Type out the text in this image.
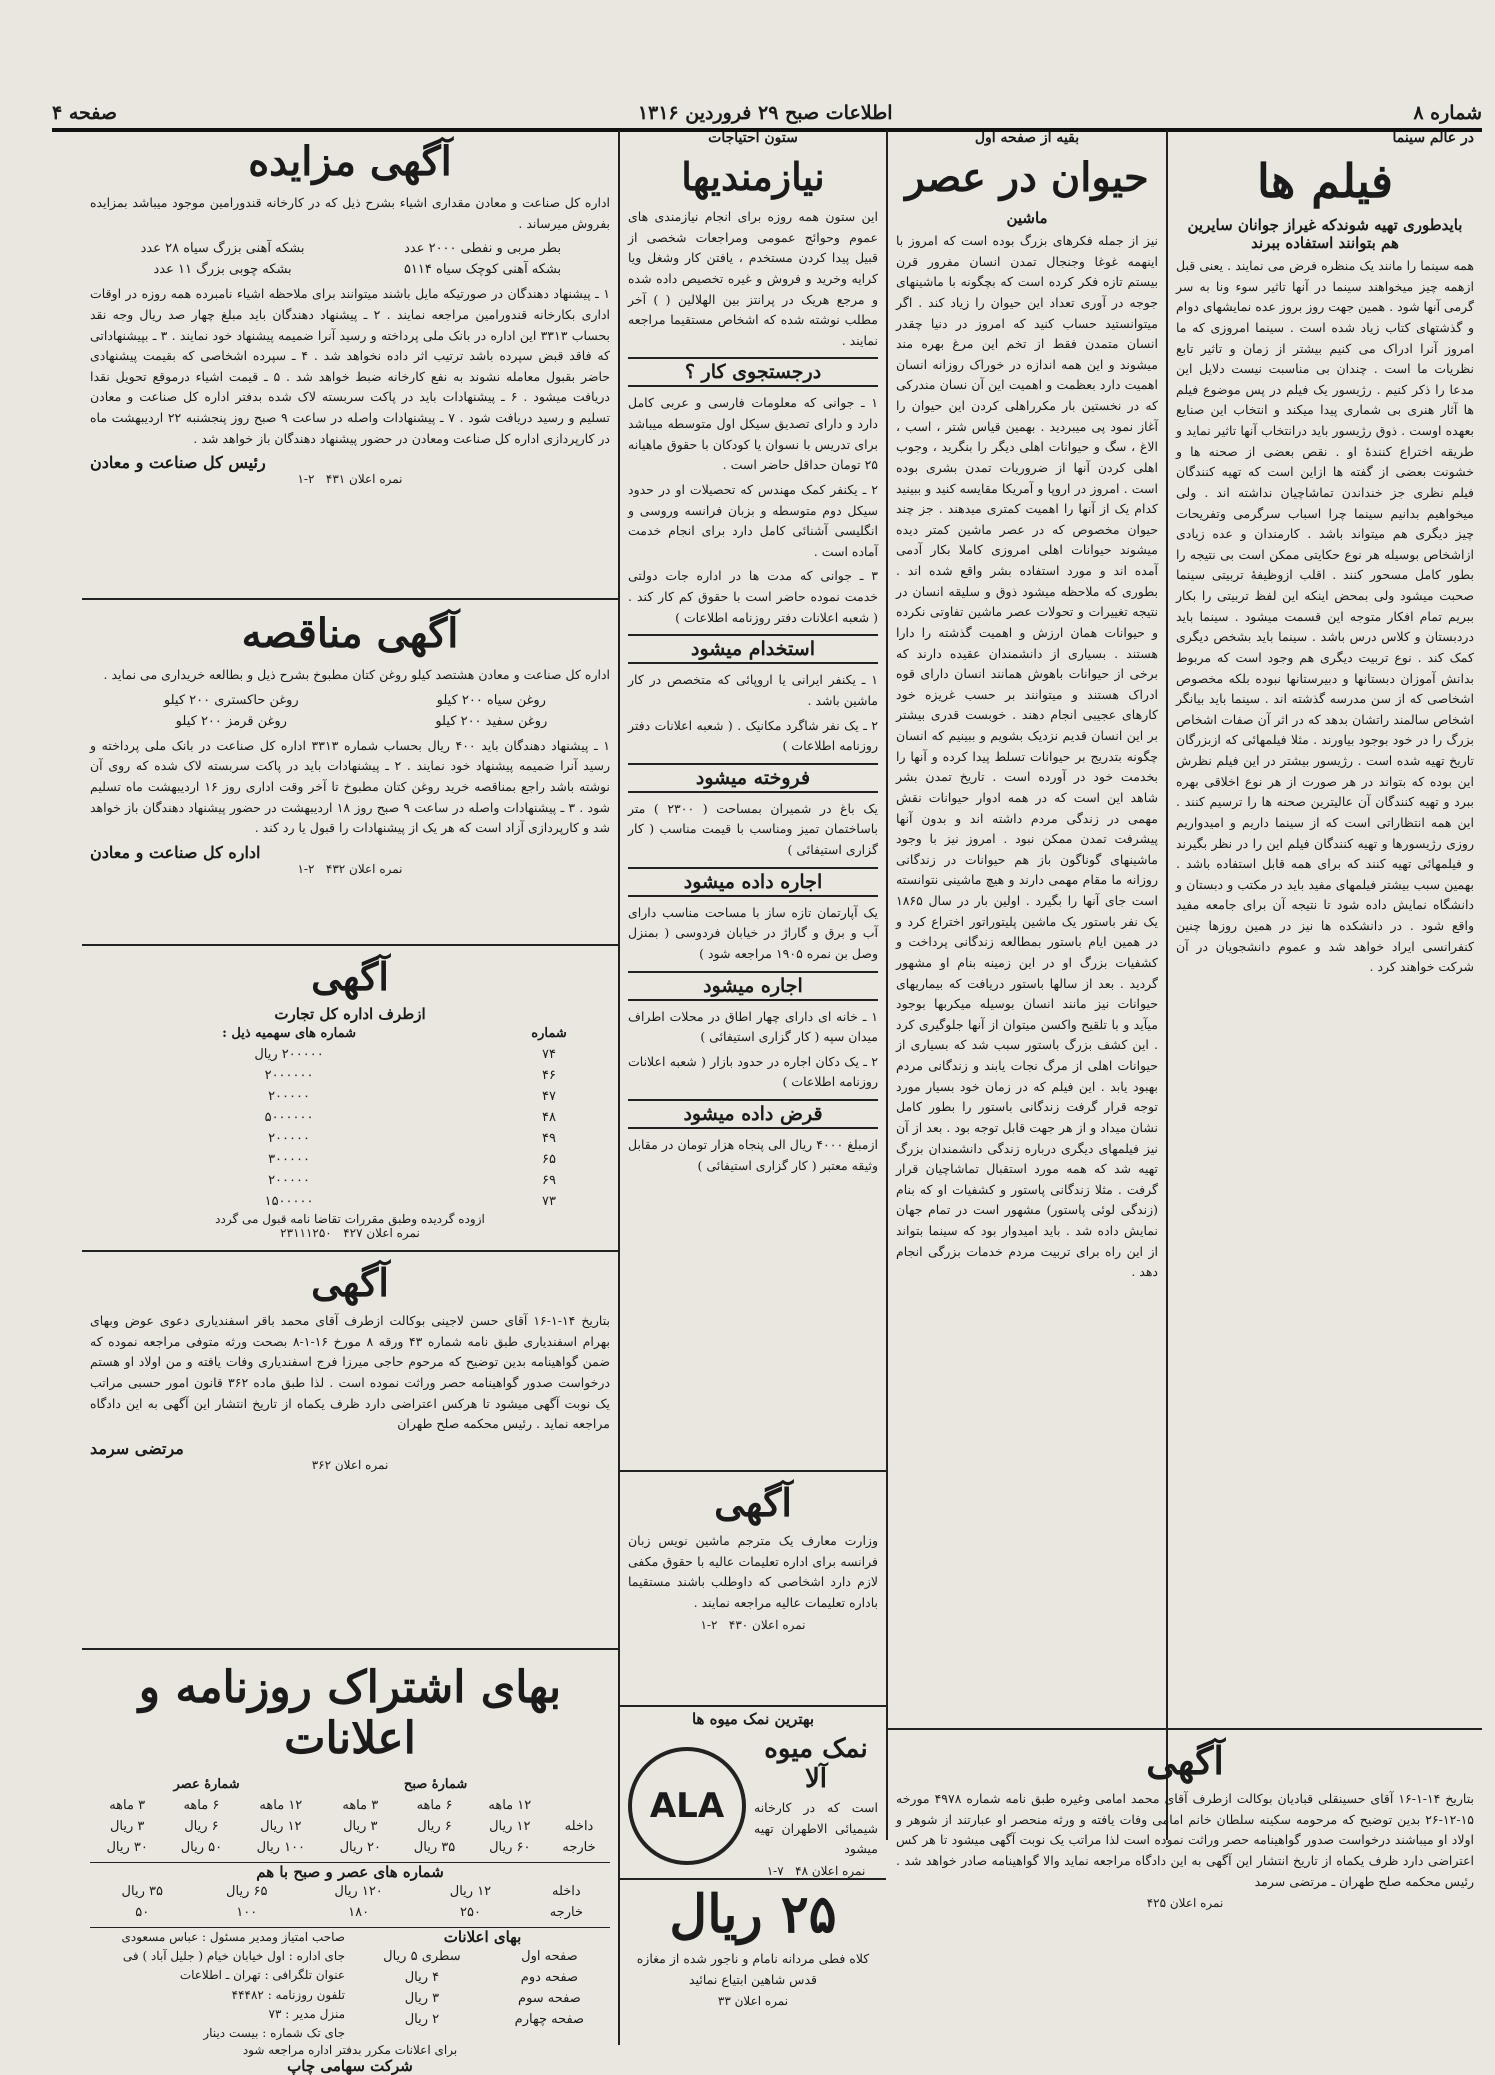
شماره ۸
اطلاعات صبح ۲۹ فروردین ۱۳۱۶
صفحه ۴
در عالم سینما
فیلم ها
بایدطوری تهیه شوندکه غیراز جوانان سایرین هم بتوانند استفاده ببرند

همه سینما را مانند یک منظره فرض می نمایند . یعنی قبل ازهمه چیز میخواهند سینما در آنها تاثیر سوء ونا به سر گرمی آنها شود . همین جهت روز بروز عده نمایشهای دوام و گذشتهای کتاب زیاد شده است . سینما امروزی که ما امروز آنرا ادراک می کنیم بیشتر از زمان و تاثیر تابع نظریات ما است . چندان بی مناسبت نیست دلایل این مدعا را ذکر کنیم . رژیسور یک فیلم در پس موضوع فیلم ها آثار هنری بی شماری پیدا میکند و انتخاب این صنایع بعهده اوست . ذوق رژیسور باید درانتخاب آنها تاثیر نماید و طریقه اختراع کنندهٔ او . نقص بعضی از صحنه ها و خشونت بعضی از گفته ها ازاین است که تهیه کنندگان فیلم نظری جز خنداندن تماشاچیان نداشته اند . ولی میخواهیم بدانیم سینما چرا اسباب سرگرمی وتفریحات چیز دیگری هم میتواند باشد . کارمندان و عده زیادی ازاشخاص بوسیله هر نوع حکایتی ممکن است بی نتیجه را بطور کامل مسحور کنند . اقلب ازوظیفهٔ تربیتی سینما صحبت میشود ولی بمحض اینکه این لفظ تربیتی را بکار ببریم تمام افکار متوجه این قسمت میشود . سینما باید دردبستان و کلاس درس باشد . سینما باید بشخص دیگری کمک کند . نوع تربیت دیگری هم وجود است که مربوط بدانش آموزان دبستانها و دبیرستانها نبوده بلکه مخصوص اشخاصی که از سن مدرسه گذشته اند . سینما باید بیانگر اشخاص سالمند راتشان بدهد که در اثر آن صفات اشخاص بزرگ را در خود بوجود بیاورند . مثلا فیلمهائی که ازبزرگان تاریخ تهیه شده است . رژیسور بیشتر در این فیلم نظرش این بوده که بتواند در هر صورت از هر نوع اخلاقی بهره ببرد و تهیه کنندگان آن عالیترین صحنه ها را ترسیم کنند . این همه انتظاراتی است که از سینما داریم و امیدواریم روزی رژیسورها و تهیه کنندگان فیلم این را در نظر بگیرند و فیلمهائی تهیه کنند که برای همه قابل استفاده باشد . بهمین سبب بیشتر فیلمهای مفید باید در مکتب و دبستان و دانشگاه نمایش داده شود تا نتیجه آن برای جامعه مفید واقع شود . در دانشکده ها نیز در همین روزها چنین کنفرانسی ایراد خواهد شد و عموم دانشجویان در آن شرکت خواهند کرد .

بقیه از صفحه اول
حیوان در عصر
ماشین

نیز از جمله فکرهای بزرگ بوده است که امروز با اینهمه غوغا وجنجال تمدن انسان مفرور قرن بیستم تازه فکر کرده است که بچگونه با ماشینهای جوجه در آوری تعداد این حیوان را زیاد کند . اگر میتوانستید حساب کنید که امروز در دنیا چقدر انسان متمدن فقط از تخم این مرغ بهره مند میشوند و این همه اندازه در خوراک روزانه انسان اهمیت دارد بعظمت و اهمیت این آن نسان مندرکی که در نخستین بار مکرراهلی کردن این حیوان را آغاز نمود پی میبردید . بهمین قیاس شتر ، اسب ، الاغ ، سگ و حیوانات اهلی دیگر را بنگرید ، وجوب اهلی کردن آنها از ضروریات تمدن بشری بوده است . امروز در اروپا و آمریکا مقایسه کنید و ببینید کدام یک از آنها را اهمیت کمتری میدهند . جز چند حیوان مخصوص که در عصر ماشین کمتر دیده میشوند حیوانات اهلی امروزی کاملا بکار آدمی آمده اند و مورد استفاده بشر واقع شده اند . بطوری که ملاحظه میشود ذوق و سلیقه انسان در نتیجه تغییرات و تحولات عصر ماشین تفاوتی نکرده و حیوانات همان ارزش و اهمیت گذشته را دارا هستند . بسیاری از دانشمندان عقیده دارند که برخی از حیوانات باهوش همانند انسان دارای قوه ادراک هستند و میتوانند بر حسب غریزه خود کارهای عجیبی انجام دهند . خوبست قدری بیشتر بر این انسان قدیم نزدیک بشویم و ببینیم که انسان چگونه بتدریج بر حیوانات تسلط پیدا کرده و آنها را بخدمت خود در آورده است . تاریخ تمدن بشر شاهد این است که در همه ادوار حیوانات نقش مهمی در زندگی مردم داشته اند و بدون آنها پیشرفت تمدن ممکن نبود . امروز نیز با وجود ماشینهای گوناگون باز هم حیوانات در زندگانی روزانه ما مقام مهمی دارند و هیچ ماشینی نتوانسته است جای آنها را بگیرد . اولین بار در سال ۱۸۶۵ یک نفر باستور یک ماشین پلیتوراتور اختراع کرد و در همین ایام باستور بمطالعه زندگانی پرداخت و کشفیات بزرگ او در این زمینه بنام او مشهور گردید . بعد از سالها باستور دریافت که بیماریهای حیوانات نیز مانند انسان بوسیله میکربها بوجود میآید و با تلقیح واکسن میتوان از آنها جلوگیری کرد . این کشف بزرگ باستور سبب شد که بسیاری از حیوانات اهلی از مرگ نجات یابند و زندگانی مردم بهبود یابد . این فیلم که در زمان خود بسیار مورد توجه قرار گرفت زندگانی باستور را بطور کامل نشان میداد و از هر جهت قابل توجه بود . بعد از آن نیز فیلمهای دیگری درباره زندگی دانشمندان بزرگ تهیه شد که همه مورد استقبال تماشاچیان قرار گرفت . مثلا زندگانی پاستور و کشفیات او که بنام (زندگی لوئی پاستور) مشهور است در تمام جهان نمایش داده شد . باید امیدوار بود که سینما بتواند از این راه برای تربیت مردم خدمات بزرگی انجام دهد .

آگهی

بتاریخ ۱۴-۱-۱۶ آقای حسینقلی قبادیان بوکالت ازطرف آقای محمد امامی وغیره طبق نامه شماره ۴۹۷۸ مورخه ۱۵-۱۲-۲۶ بدین توضیح که مرحومه سکینه سلطان خانم امامی وفات یافته و ورثه منحصر او عبارتند از شوهر و اولاد او میباشند درخواست صدور گواهینامه حصر وراثت نموده است لذا مراتب یک نوبت آگهی میشود تا هر کس اعتراضی دارد ظرف یکماه از تاریخ انتشار این آگهی به این دادگاه مراجعه نماید والا گواهینامه صادر خواهد شد . رئیس محکمه صلح طهران ـ مرتضی سرمد

نمره اعلان ۴۲۵
ستون احتیاجات
نیازمندیها

این ستون همه روزه برای انجام نیازمندی های عموم وحوائج عمومی ومراجعات شخصی از قبیل پیدا کردن مستخدم ، یافتن کار وشغل ویا کرایه وخرید و فروش و غیره تخصیص داده شده و مرجع هریک در پرانتز بین الهلالین ( ) آخر مطلب نوشته شده که اشخاص مستقیما مراجعه نمایند .

درجستجوی کار ؟

۱ ـ جوانی که معلومات فارسی و عربی کامل دارد و دارای تصدیق سیکل اول متوسطه میباشد برای تدریس با نسوان یا کودکان با حقوق ماهیانه ۲۵ تومان حداقل حاضر است .

۲ ـ یکنفر کمک مهندس که تحصیلات او در حدود سیکل دوم متوسطه و بزبان فرانسه وروسی و انگلیسی آشنائی کامل دارد برای انجام خدمت آماده است .

۳ ـ جوانی که مدت ها در اداره جات دولتی خدمت نموده حاضر است با حقوق کم کار کند . ( شعبه اعلانات دفتر روزنامه اطلاعات )

استخدام میشود

۱ ـ یکنفر ایرانی یا اروپائی که متخصص در کار ماشین باشد .

۲ ـ یک نفر شاگرد مکانیک . ( شعبه اعلانات دفتر روزنامه اطلاعات )

فروخته میشود

یک باغ در شمیران بمساحت ( ۲۳۰۰ ) متر باساختمان تمیز ومناسب با قیمت مناسب ( کار گزاری استیفائی )

اجاره داده میشود

یک آپارتمان تازه ساز با مساحت مناسب دارای آب و برق و گاراژ در خیابان فردوسی ( بمنزل وصل بن نمره ۱۹۰۵ مراجعه شود )

اجاره میشود

۱ ـ خانه ای دارای چهار اطاق در محلات اطراف میدان سپه ( کار گزاری استیفائی )

۲ ـ یک دکان اجاره در حدود بازار ( شعبه اعلانات روزنامه اطلاعات )

قرض داده میشود

ازمبلغ ۴۰۰۰ ریال الی پنجاه هزار تومان در مقابل وثیقه معتبر ( کار گزاری استیفائی )

آگهی

وزارت معارف یک مترجم ماشین نویس زبان فرانسه برای اداره تعلیمات عالیه با حقوق مکفی لازم دارد اشخاصی که داوطلب باشند مستقیما باداره تعلیمات عالیه مراجعه نمایند .

نمره اعلان ۴۳۰   ۲-۱
بهترین نمک میوه ها
نمک میوه آلا

است که در کارخانه شیمیائی الاطهران تهیه میشود

نمره اعلان ۴۸   ۷-۱
ALA
۲۵ ریال

کلاه فطی مردانه نامام و ناجور شده از مغازه قدس شاهین ابتیاع نمائید

نمره اعلان ۳۳
آگهی مزایده

اداره کل صناعت و معادن مقداری اشیاء بشرح ذیل که در کارخانه قندورامین موجود میباشد بمزایده بفروش میرساند .

بطر مربی و نفطی ۲۰۰۰ عدد	بشکه آهنی بزرگ سیاه ۲۸ عدد
بشکه آهنی کوچک سیاه ۵۱۱۴	بشکه چوبی بزرگ ۱۱ عدد

۱ ـ پیشنهاد دهندگان در صورتیکه مایل باشند میتوانند برای ملاحظه اشیاء نامبرده همه روزه در اوقات اداری بکارخانه قندورامین مراجعه نمایند . ۲ ـ پیشنهاد دهندگان باید مبلغ چهار صد ریال وجه نقد بحساب ۳۳۱۳ این اداره در بانک ملی پرداخته و رسید آنرا ضمیمه پیشنهاد خود نمایند . ۳ ـ بپیشنهاداتی که فاقد قبض سپرده باشد ترتیب اثر داده نخواهد شد . ۴ ـ سپرده اشخاصی که بقیمت پیشنهادی حاضر بقبول معامله نشوند به نفع کارخانه ضبط خواهد شد . ۵ ـ قیمت اشیاء درموقع تحویل نقدا دریافت میشود . ۶ ـ پیشنهادات باید در پاکت سربسته لاک شده بدفتر اداره کل صناعت و معادن تسلیم و رسید دریافت شود . ۷ ـ پیشنهادات واصله در ساعت ۹ صبح روز پنجشنبه ۲۲ اردیبهشت ماه در کارپردازی اداره کل صناعت ومعادن در حضور پیشنهاد دهندگان باز خواهد شد .

رئیس کل صناعت و معادن
نمره اعلان ۴۳۱   ۲-۱
آگهی مناقصه

اداره کل صناعت و معادن هشتصد کیلو روغن کتان مطبوخ بشرح ذیل و بطالعه خریداری می نماید .

روغن سیاه ۲۰۰ کیلو	روغن حاکستری ۲۰۰ کیلو
روغن سفید ۲۰۰ کیلو	روغن قرمز ۲۰۰ کیلو

۱ ـ پیشنهاد دهندگان باید ۴۰۰ ریال بحساب شماره ۳۳۱۳ اداره کل صناعت در بانک ملی پرداخته و رسید آنرا ضمیمه پیشنهاد خود نمایند . ۲ ـ پیشنهادات باید در پاکت سربسته لاک شده که روی آن نوشته باشد راجع بمناقصه خرید روغن کتان مطبوخ تا آخر وقت اداری روز ۱۶ اردیبهشت ماه تسلیم شود . ۳ ـ پیشنهادات واصله در ساعت ۹ صبح روز ۱۸ اردیبهشت در حضور پیشنهاد دهندگان باز خواهد شد و کارپردازی آزاد است که هر یک از پیشنهادات را قبول یا رد کند .

اداره کل صناعت و معادن
نمره اعلان ۴۳۲   ۲-۱
آگهی
ازطرف اداره کل تجارت
شماره	شماره های سهمیه ذیل :
۷۴	۲۰۰۰۰۰ ریال
۴۶	۲۰۰۰۰۰۰
۴۷	۲۰۰۰۰۰
۴۸	۵۰۰۰۰۰۰
۴۹	۲۰۰۰۰۰
۶۵	۳۰۰۰۰۰
۶۹	۲۰۰۰۰۰
۷۳	۱۵۰۰۰۰۰
ازوده گردیده وطبق مقررات تقاضا نامه قبول می گردد
نمره اعلان ۴۲۷   ۲۳۱۱۱۲۵۰
آگهی

بتاریخ ۱۴-۱-۱۶ آقای حسن لاجینی بوکالت ازطرف آقای محمد باقر اسفندیاری دعوی عوض وبهای بهرام اسفندیاری طبق نامه شماره ۴۳ ورقه ۸ مورخ ۱۶-۱-۸ بصحت ورثه متوفی مراجعه نموده که ضمن گواهینامه بدین توضیح که مرحوم حاجی میرزا فرج اسفندیاری وفات یافته و من اولاد او هستم درخواست صدور گواهینامه حصر وراثت نموده است . لذا طبق ماده ۳۶۲ قانون امور حسبی مراتب یک نوبت آگهی میشود تا هرکس اعتراضی دارد ظرف یکماه از تاریخ انتشار این آگهی به این دادگاه مراجعه نماید . رئیس محکمه صلح طهران

مرتضی سرمد
نمره اعلان ۳۶۲
بهای اشتراک روزنامه و اعلانات
	شمارهٔ صبح			شمارهٔ عصر		
	۱۲ ماهه	۶ ماهه	۳ ماهه	۱۲ ماهه	۶ ماهه	۳ ماهه
داخله	۱۲ ریال	۶ ریال	۳ ریال	۱۲ ریال	۶ ریال	۳ ریال
خارجه	۶۰ ریال	۳۵ ریال	۲۰ ریال	۱۰۰ ریال	۵۰ ریال	۳۰ ریال
شماره های عصر و صبح با هم
داخله	۱۲ ریال	۱۲۰ ریال	۶۵ ریال	۳۵ ریال
خارجه	۲۵۰	۱۸۰	۱۰۰	۵۰
بهای اعلانات
صفحه اول	سطری ۵ ریال
صفحه دوم	۴ ریال
صفحه سوم	۳ ریال
صفحه چهارم	۲ ریال
صاحب امتیاز ومدیر مسئول : عباس مسعودی
جای اداره : اول خیابان خیام ( جلیل آباد ) فی
عنوان تلگرافی : تهران ـ اطلاعات
تلفون روزنامه : ۴۴۴۸۲
منزل مدیر : ۷۳
جای تک شماره : بیست دینار
برای اعلانات مکرر بدفتر اداره مراجعه شود
شرکت سهامی چاپ
